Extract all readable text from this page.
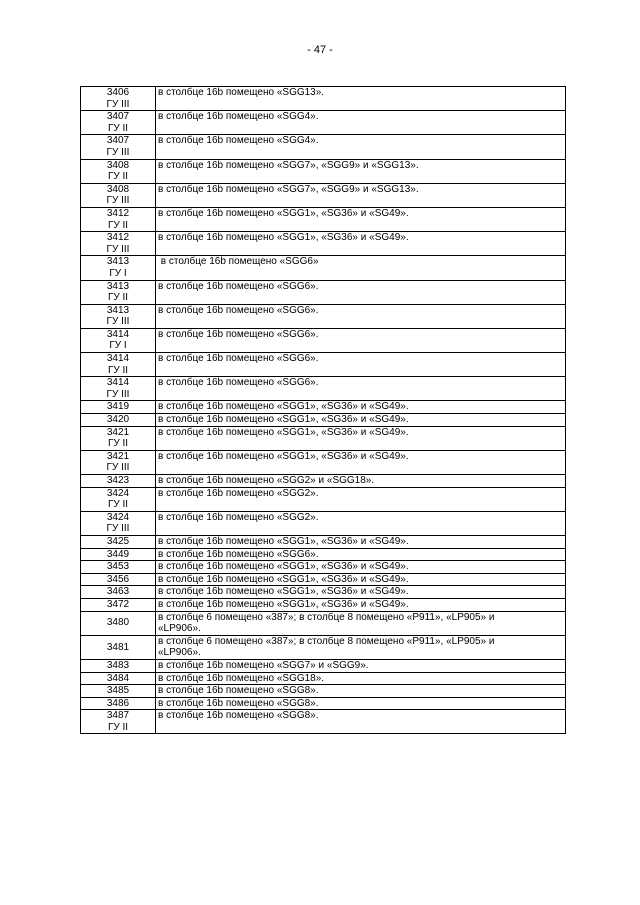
- 47 -
3406
ГУ III	в столбце 16b помещено «SGG13».

3407
ГУ II	в столбце 16b помещено «SGG4».

3407
ГУ III	в столбце 16b помещено «SGG4».

3408
ГУ II	в столбце 16b помещено «SGG7», «SGG9» и «SGG13».

3408
ГУ III	в столбце 16b помещено «SGG7», «SGG9» и «SGG13».

3412
ГУ II	в столбце 16b помещено «SGG1», «SG36» и «SG49».

3412
ГУ III	в столбце 16b помещено «SGG1», «SG36» и «SG49».

3413
ГУ I	в столбце 16b помещено «SGG6»

3413
ГУ II	в столбце 16b помещено «SGG6».

3413
ГУ III	в столбце 16b помещено «SGG6».

3414
ГУ I	в столбце 16b помещено «SGG6».

3414
ГУ II	в столбце 16b помещено «SGG6».

3414
ГУ III	в столбце 16b помещено «SGG6».

3419	в столбце 16b помещено «SGG1», «SG36» и «SG49».

3420	в столбце 16b помещено «SGG1», «SG36» и «SG49».

3421
ГУ II	в столбце 16b помещено «SGG1», «SG36» и «SG49».

3421
ГУ III	в столбце 16b помещено «SGG1», «SG36» и «SG49».

3423	в столбце 16b помещено «SGG2» и «SGG18».

3424
ГУ II	в столбце 16b помещено «SGG2».

3424
ГУ III	в столбце 16b помещено «SGG2».

3425	в столбце 16b помещено «SGG1», «SG36» и «SG49».

3449	в столбце 16b помещено «SGG6».

3453	в столбце 16b помещено «SGG1», «SG36» и «SG49».

3456	в столбце 16b помещено «SGG1», «SG36» и «SG49».

3463	в столбце 16b помещено «SGG1», «SG36» и «SG49».

3472	в столбце 16b помещено «SGG1», «SG36» и «SG49».

3480	в столбце 6 помещено «387»; в столбце 8 помещено «P911», «LP905» и
«LP906».

3481	в столбце 6 помещено «387»; в столбце 8 помещено «P911», «LP905» и
«LP906».

3483	в столбце 16b помещено «SGG7» и «SGG9».

3484	в столбце 16b помещено «SGG18».

3485	в столбце 16b помещено «SGG8».

3486	в столбце 16b помещено «SGG8».

3487
ГУ II	в столбце 16b помещено «SGG8».
